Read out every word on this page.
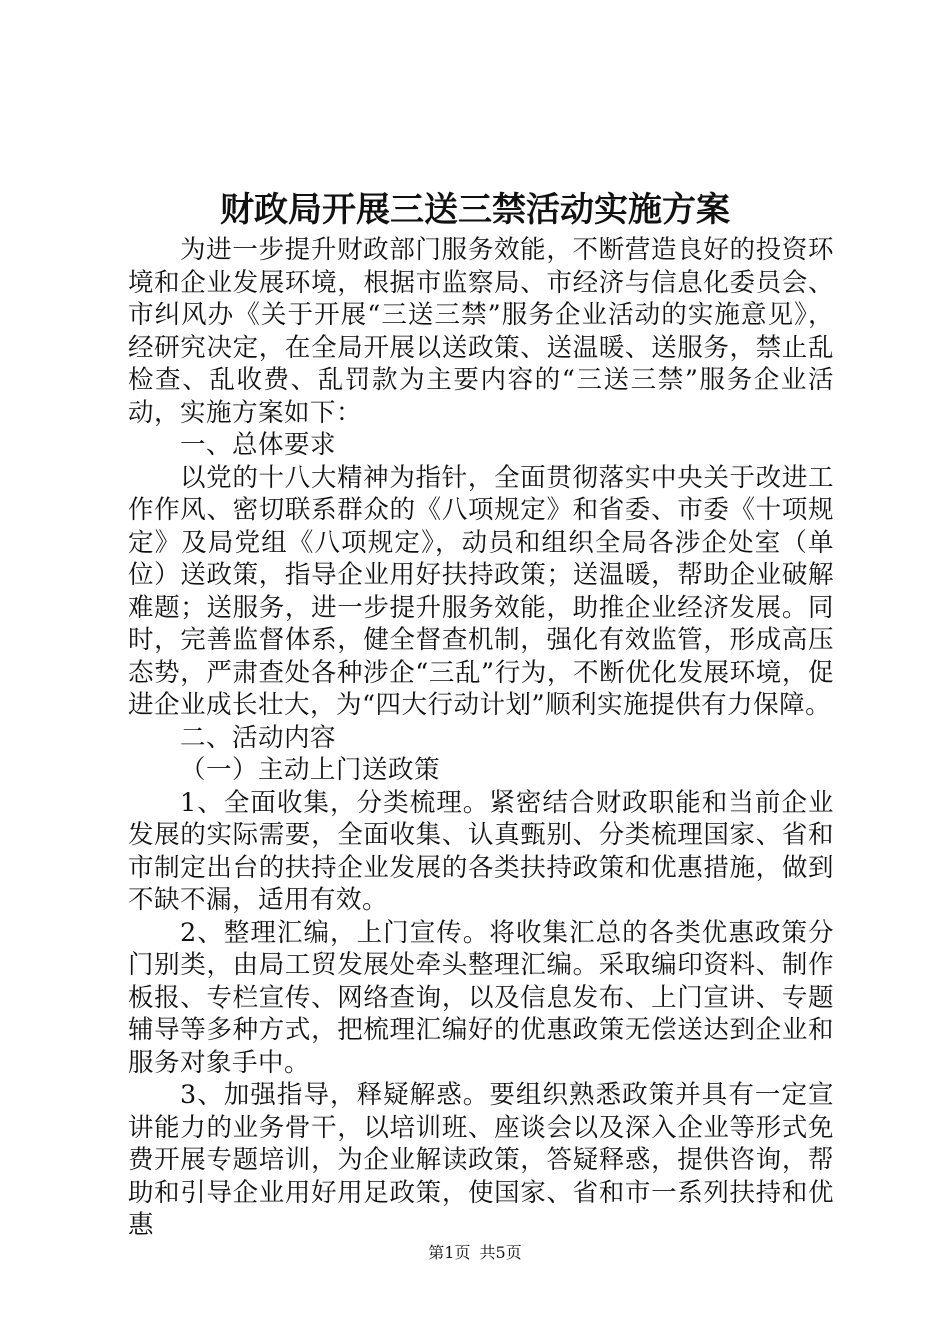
财政局开展三送三禁活动实施方案

为进一步提升财政部门服务效能，不断营造良好的投资环境和企业发展环境，根据市监察局、市经济与信息化委员会、市纠风办《关于开展“三送三禁”服务企业活动的实施意见》，经研究决定，在全局开展以送政策、送温暖、送服务，禁止乱检查、乱收费、乱罚款为主要内容的“三送三禁”服务企业活动，实施方案如下：

一、总体要求

以党的十八大精神为指针，全面贯彻落实中央关于改进工作作风、密切联系群众的《八项规定》和省委、市委《十项规定》及局党组《八项规定》，动员和组织全局各涉企处室（单位）送政策，指导企业用好扶持政策；送温暖，帮助企业破解难题；送服务，进一步提升服务效能，助推企业经济发展。同时，完善监督体系，健全督查机制，强化有效监管，形成高压态势，严肃查处各种涉企“三乱”行为，不断优化发展环境，促进企业成长壮大，为“四大行动计划”顺利实施提供有力保障。

二、活动内容

（一）主动上门送政策

1、全面收集，分类梳理。紧密结合财政职能和当前企业发展的实际需要，全面收集、认真甄别、分类梳理国家、省和市制定出台的扶持企业发展的各类扶持政策和优惠措施，做到不缺不漏，适用有效。

2、整理汇编，上门宣传。将收集汇总的各类优惠政策分门别类，由局工贸发展处牵头整理汇编。采取编印资料、制作板报、专栏宣传、网络查询，以及信息发布、上门宣讲、专题辅导等多种方式，把梳理汇编好的优惠政策无偿送达到企业和服务对象手中。

3、加强指导，释疑解惑。要组织熟悉政策并具有一定宣讲能力的业务骨干，以培训班、座谈会以及深入企业等形式免费开展专题培训，为企业解读政策，答疑释惑，提供咨询，帮助和引导企业用好用足政策，使国家、省和市一系列扶持和优惠

第1页 共5页
